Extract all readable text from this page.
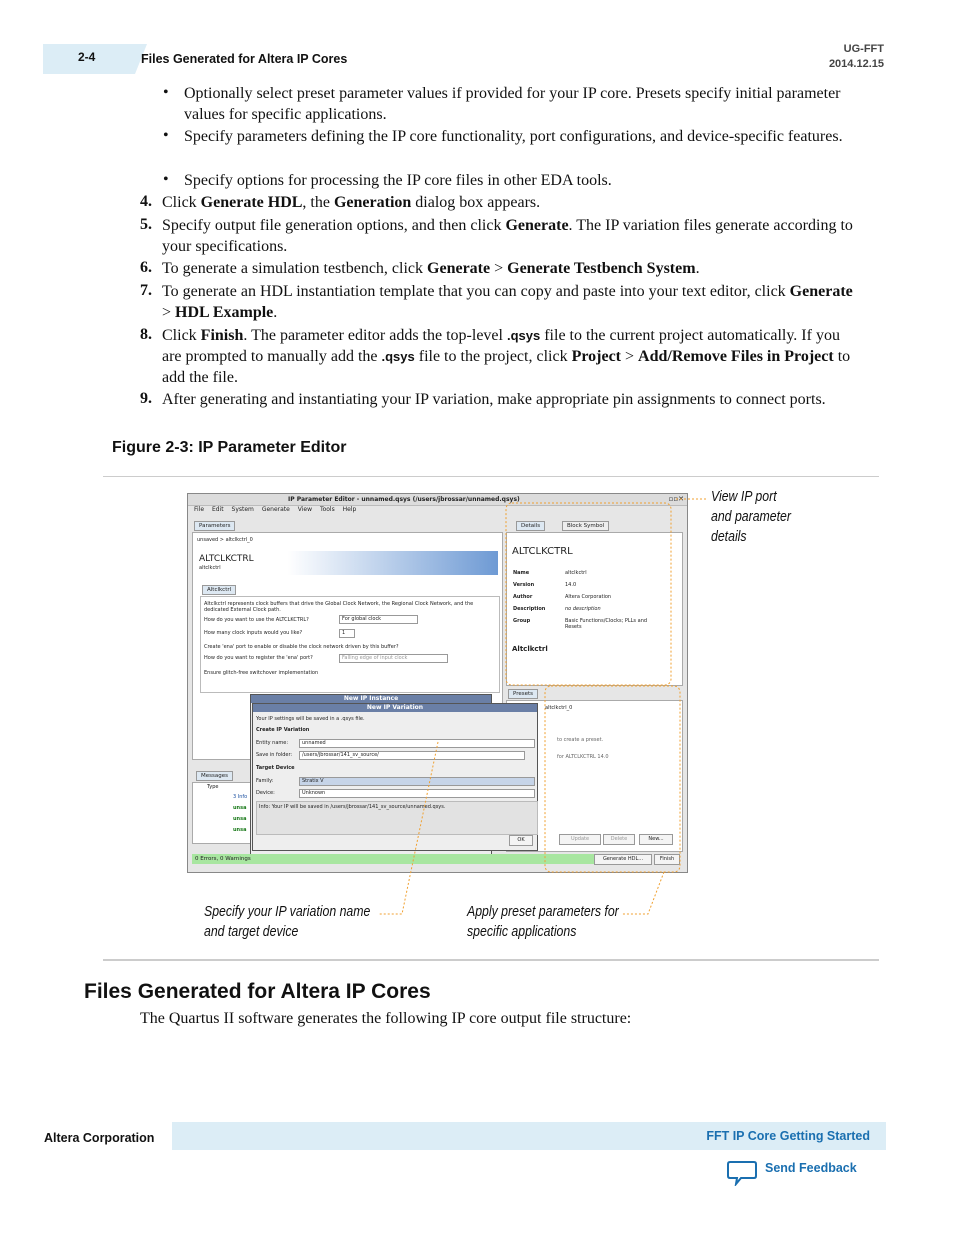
2-4	Files Generated for Altera IP Cores
UG-FFT
2014.12.15
• Optionally select preset parameter values if provided for your IP core. Presets specify initial parameter values for specific applications.
• Specify parameters defining the IP core functionality, port configurations, and device-specific features.
• Specify options for processing the IP core files in other EDA tools.
4. Click Generate HDL, the Generation dialog box appears.
5. Specify output file generation options, and then click Generate. The IP variation files generate according to your specifications.
6. To generate a simulation testbench, click Generate > Generate Testbench System.
7. To generate an HDL instantiation template that you can copy and paste into your text editor, click Generate > HDL Example.
8. Click Finish. The parameter editor adds the top-level .qsys file to the current project automatically. If you are prompted to manually add the .qsys file to the project, click Project > Add/Remove Files in Project to add the file.
9. After generating and instantiating your IP variation, make appropriate pin assignments to connect ports.
Figure 2-3: IP Parameter Editor
IP Parameter Editor - unnamed.qsys (/users/jbrossar/unnamed.qsys)	▫▫✕
File Edit System Generate View Tools Help
Parameters
unsaved > altclkctrl_0
ALTCLKCTRL
altclkctrl
Altclkctrl
Altclkctrl represents clock buffers that drive the Global Clock Network, the Regional Clock Network, and the dedicated External Clock path.
How do you want to use the ALTCLKCTRL?	For global clock
How many clock inputs would you like?	1
Create 'ena' port to enable or disable the clock network driven by this buffer?
How do you want to register the 'ena' port?	Falling edge of input clock
Ensure glitch-free switchover implementation
Details	Block Symbol
ALTCLKCTRL
Name	altclkctrl
Version	14.0
Author	Altera Corporation
Description	no description
Group	Basic Functions/Clocks; PLLs and Resets
Altclkctrl
Presets
altclkctrl_0
to create a preset.
for ALTCLKCTRL 14.0
Update	Delete	New...
Messages
Type
3 Info
unsa
unsa
unsa
New IP Instance
New IP Variation
Your IP settings will be saved in a .qsys file.
Create IP Variation
Entity name:	unnamed
Save in folder:	/users/jbrossar/141_sv_source/
Target Device
Family:	Stratix V
Device:	Unknown
Info: Your IP will be saved in /users/jbrossar/141_sv_source/unnamed.qsys.
OK
0 Errors, 0 Warnings	Generate HDL...	Finish
View IP port and parameter details
Specify your IP variation name and target device
Apply preset parameters for specific applications
Files Generated for Altera IP Cores
The Quartus II software generates the following IP core output file structure:
Altera Corporation	FFT IP Core Getting Started
Send Feedback
